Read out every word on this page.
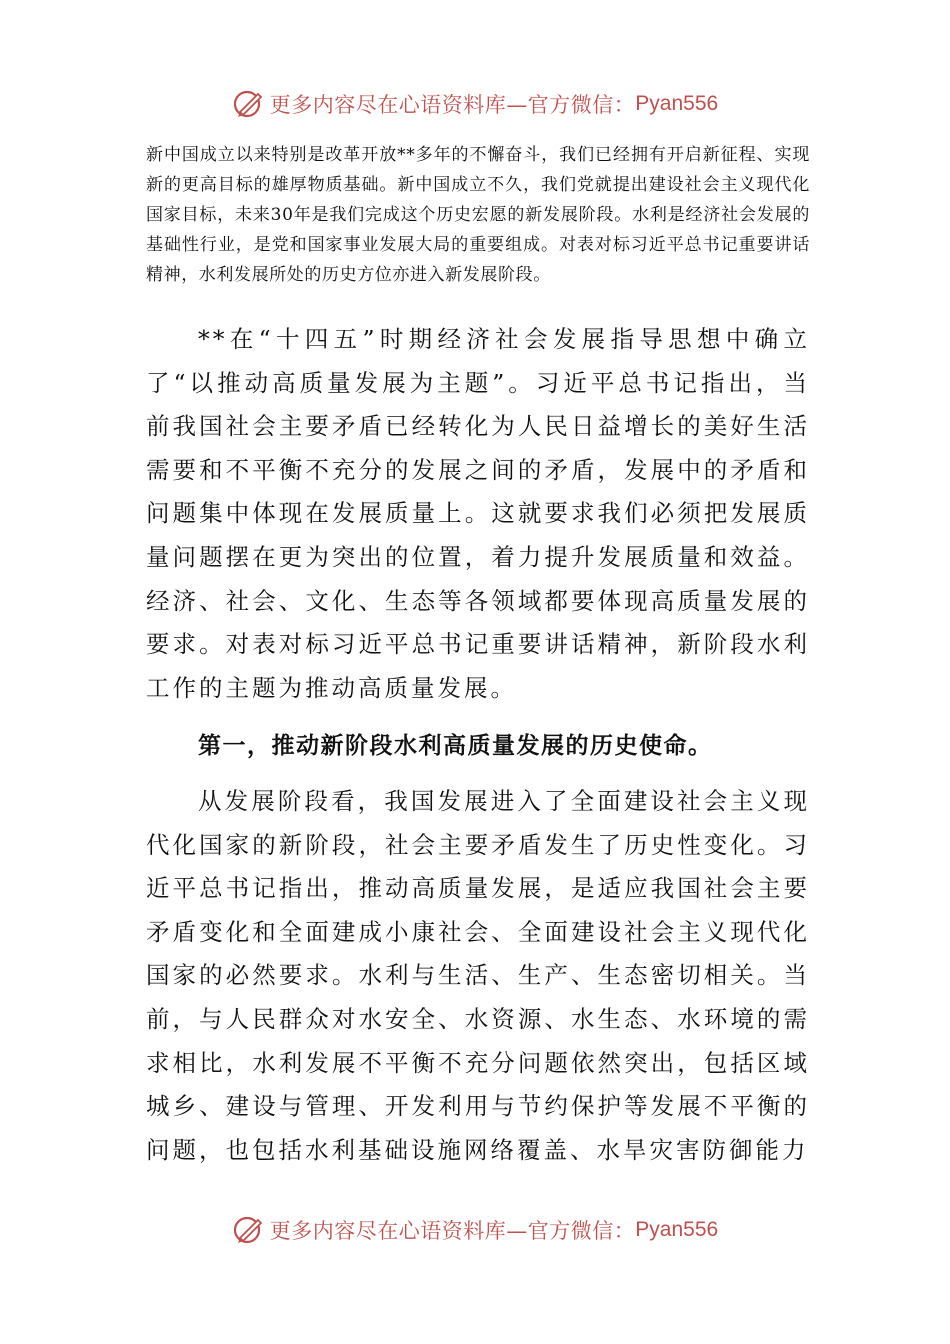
更多内容尽在心语资料库—官方微信： Pyan556

新中国成立以来特别是改革开放**多年的不懈奋斗，我们已经拥有开启新征程、实现新的更高目标的雄厚物质基础。新中国成立不久，我们党就提出建设社会主义现代化国家目标，未来30年是我们完成这个历史宏愿的新发展阶段。水利是经济社会发展的基础性行业，是党和国家事业发展大局的重要组成。对表对标习近平总书记重要讲话精神，水利发展所处的历史方位亦进入新发展阶段。

**在“十四五”时期经济社会发展指导思想中确立了“以推动高质量发展为主题”。习近平总书记指出，当前我国社会主要矛盾已经转化为人民日益增长的美好生活需要和不平衡不充分的发展之间的矛盾，发展中的矛盾和问题集中体现在发展质量上。这就要求我们必须把发展质量问题摆在更为突出的位置，着力提升发展质量和效益。经济、社会、文化、生态等各领域都要体现高质量发展的要求。对表对标习近平总书记重要讲话精神，新阶段水利工作的主题为推动高质量发展。

第一，推动新阶段水利高质量发展的历史使命。

从发展阶段看，我国发展进入了全面建设社会主义现代化国家的新阶段，社会主要矛盾发生了历史性变化。习近平总书记指出，推动高质量发展，是适应我国社会主要矛盾变化和全面建成小康社会、全面建设社会主义现代化国家的必然要求。水利与生活、生产、生态密切相关。当前，与人民群众对水安全、水资源、水生态、水环境的需求相比，水利发展不平衡不充分问题依然突出，包括区域城乡、建设与管理、开发利用与节约保护等发展不平衡的问题，也包括水利基础设施网络覆盖、水旱灾害防御能力

更多内容尽在心语资料库—官方微信： Pyan556
